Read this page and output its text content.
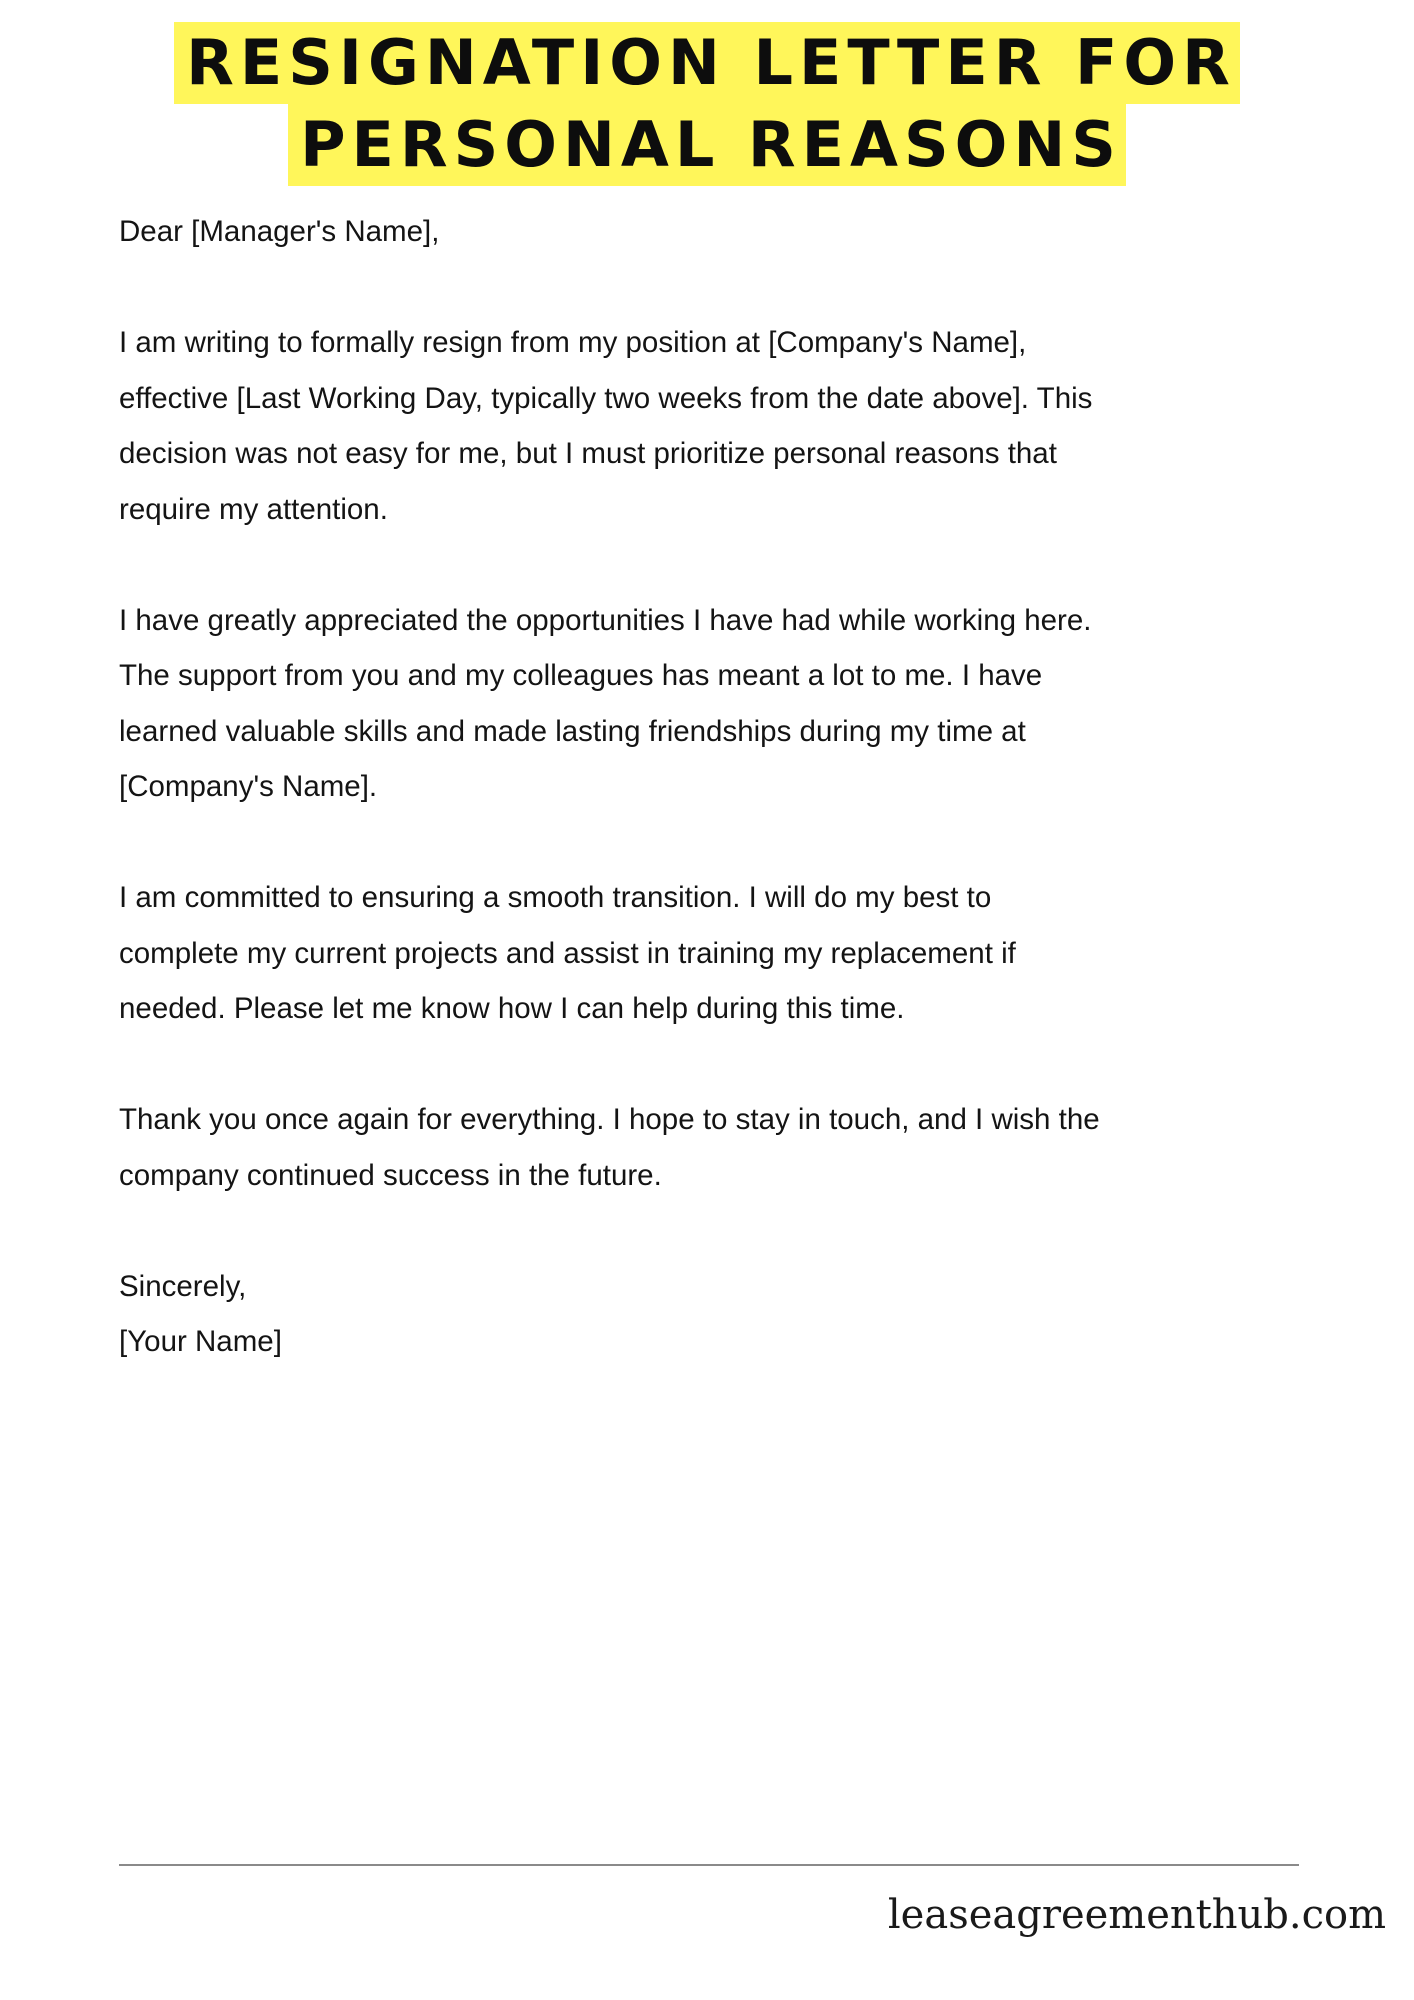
RESIGNATION LETTER FOR
PERSONAL REASONS

Dear [Manager's Name],

I am writing to formally resign from my position at [Company's Name],
effective [Last Working Day, typically two weeks from the date above]. This
decision was not easy for me, but I must prioritize personal reasons that
require my attention.

I have greatly appreciated the opportunities I have had while working here.
The support from you and my colleagues has meant a lot to me. I have
learned valuable skills and made lasting friendships during my time at
[Company's Name].

I am committed to ensuring a smooth transition. I will do my best to
complete my current projects and assist in training my replacement if
needed. Please let me know how I can help during this time.

Thank you once again for everything. I hope to stay in touch, and I wish the
company continued success in the future.

Sincerely,

[Your Name]

leaseagreementhub.com
